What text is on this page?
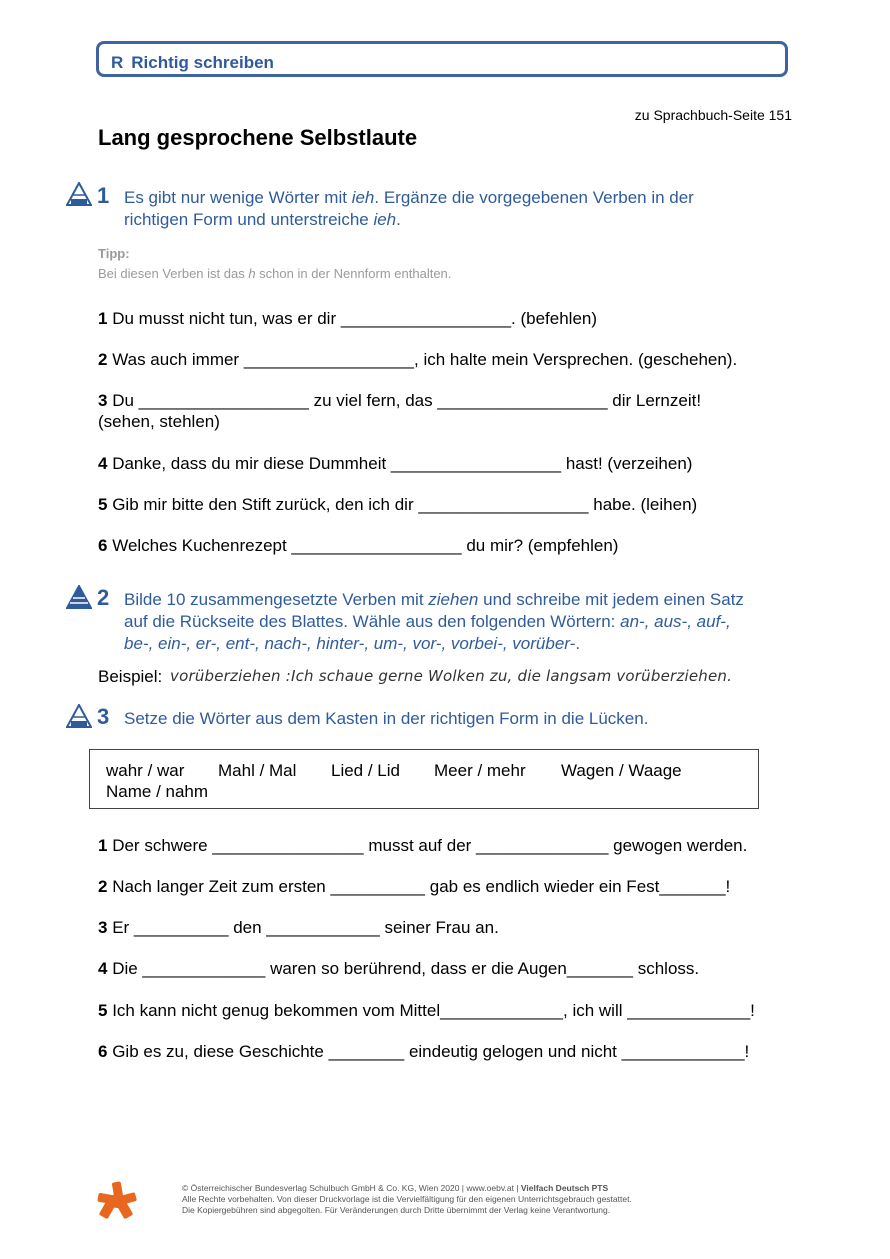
R Richtig schreiben
zu Sprachbuch-Seite 151
Lang gesprochene Selbstlaute
1 Es gibt nur wenige Wörter mit ieh. Ergänze die vorgegebenen Verben in der
richtigen Form und unterstreiche ieh.
Tipp:
Bei diesen Verben ist das h schon in der Nennform enthalten.
1 Du musst nicht tun, was er dir __________________. (befehlen)
2 Was auch immer __________________, ich halte mein Versprechen. (geschehen).
3 Du __________________ zu viel fern, das __________________ dir Lernzeit!
(sehen, stehlen)
4 Danke, dass du mir diese Dummheit __________________ hast! (verzeihen)
5 Gib mir bitte den Stift zurück, den ich dir __________________ habe. (leihen)
6 Welches Kuchenrezept __________________ du mir? (empfehlen)
2 Bilde 10 zusammengesetzte Verben mit ziehen und schreibe mit jedem einen Satz
auf die Rückseite des Blattes. Wähle aus den folgenden Wörtern: an-, aus-, auf-,
be-, ein-, er-, ent-, nach-, hinter-, um-, vor-, vorbei-, vorüber-.
Beispiel: vorüberziehen :Ich schaue gerne Wolken zu, die langsam vorüberziehen.
3 Setze die Wörter aus dem Kasten in der richtigen Form in die Lücken.
wahr / war Mahl / Mal Lied / Lid Meer / mehr Wagen / Waage
Name / nahm
1 Der schwere ________________ musst auf der ______________ gewogen werden.
2 Nach langer Zeit zum ersten __________ gab es endlich wieder ein Fest_______!
3 Er __________ den ____________ seiner Frau an.
4 Die _____________ waren so berührend, dass er die Augen_______ schloss.
5 Ich kann nicht genug bekommen vom Mittel_____________, ich will _____________!
6 Gib es zu, diese Geschichte ________ eindeutig gelogen und nicht _____________!
© Österreichischer Bundesverlag Schulbuch GmbH & Co. KG, Wien 2020 | www.oebv.at | Vielfach Deutsch PTS
Alle Rechte vorbehalten. Von dieser Druckvorlage ist die Vervielfältigung für den eigenen Unterrichtsgebrauch gestattet.
Die Kopiergebühren sind abgegolten. Für Veränderungen durch Dritte übernimmt der Verlag keine Verantwortung.
